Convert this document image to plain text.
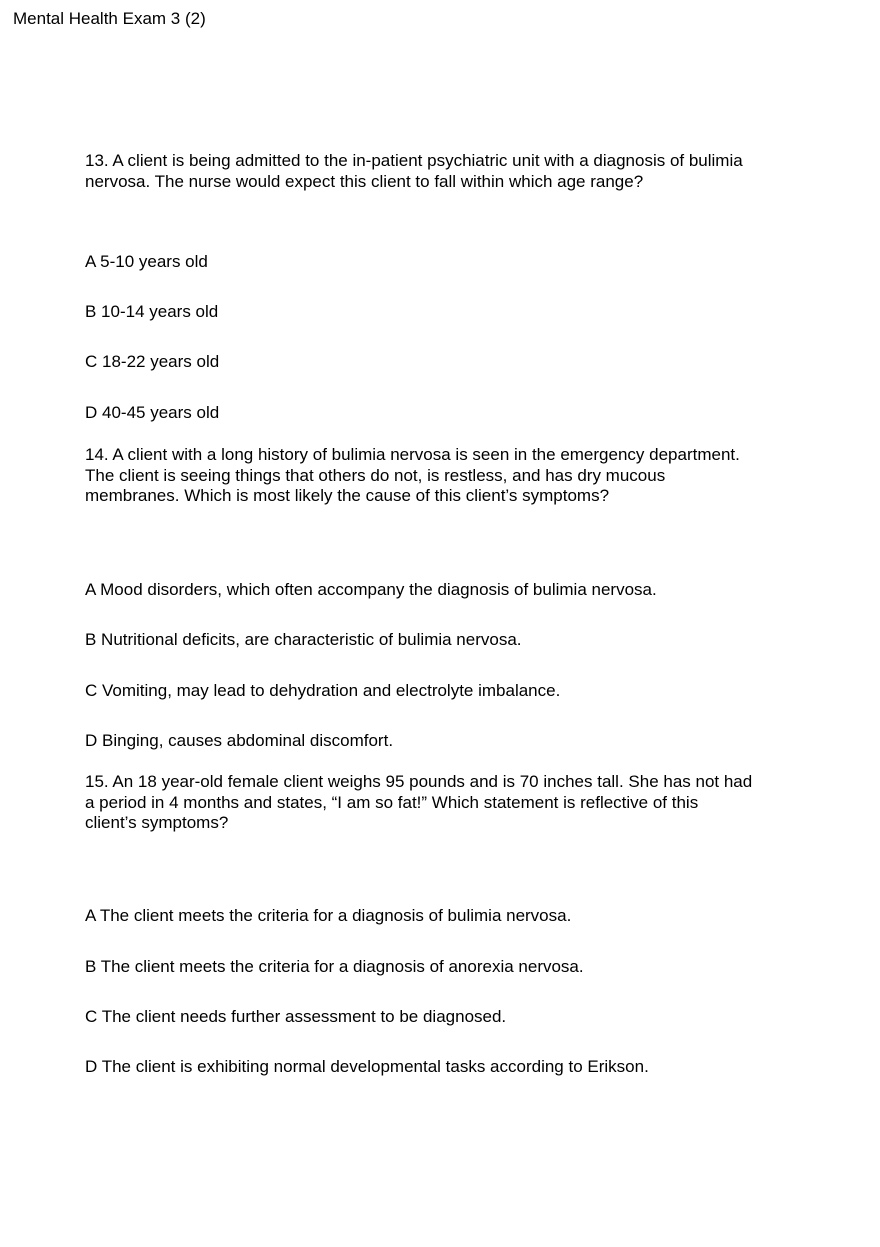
Mental Health Exam 3 (2)
13. A client is being admitted to the in-patient psychiatric unit with a diagnosis of bulimia
nervosa. The nurse would expect this client to fall within which age range?
A 5-10 years old
B 10-14 years old
C 18-22 years old
D 40-45 years old
14. A client with a long history of bulimia nervosa is seen in the emergency department.
The client is seeing things that others do not, is restless, and has dry mucous
membranes. Which is most likely the cause of this client’s symptoms?
A Mood disorders, which often accompany the diagnosis of bulimia nervosa.
B Nutritional deficits, are characteristic of bulimia nervosa.
C Vomiting, may lead to dehydration and electrolyte imbalance.
D Binging, causes abdominal discomfort.
15. An 18 year-old female client weighs 95 pounds and is 70 inches tall. She has not had
a period in 4 months and states, “I am so fat!” Which statement is reflective of this
client’s symptoms?
A The client meets the criteria for a diagnosis of bulimia nervosa.
B The client meets the criteria for a diagnosis of anorexia nervosa.
C The client needs further assessment to be diagnosed.
D The client is exhibiting normal developmental tasks according to Erikson.
